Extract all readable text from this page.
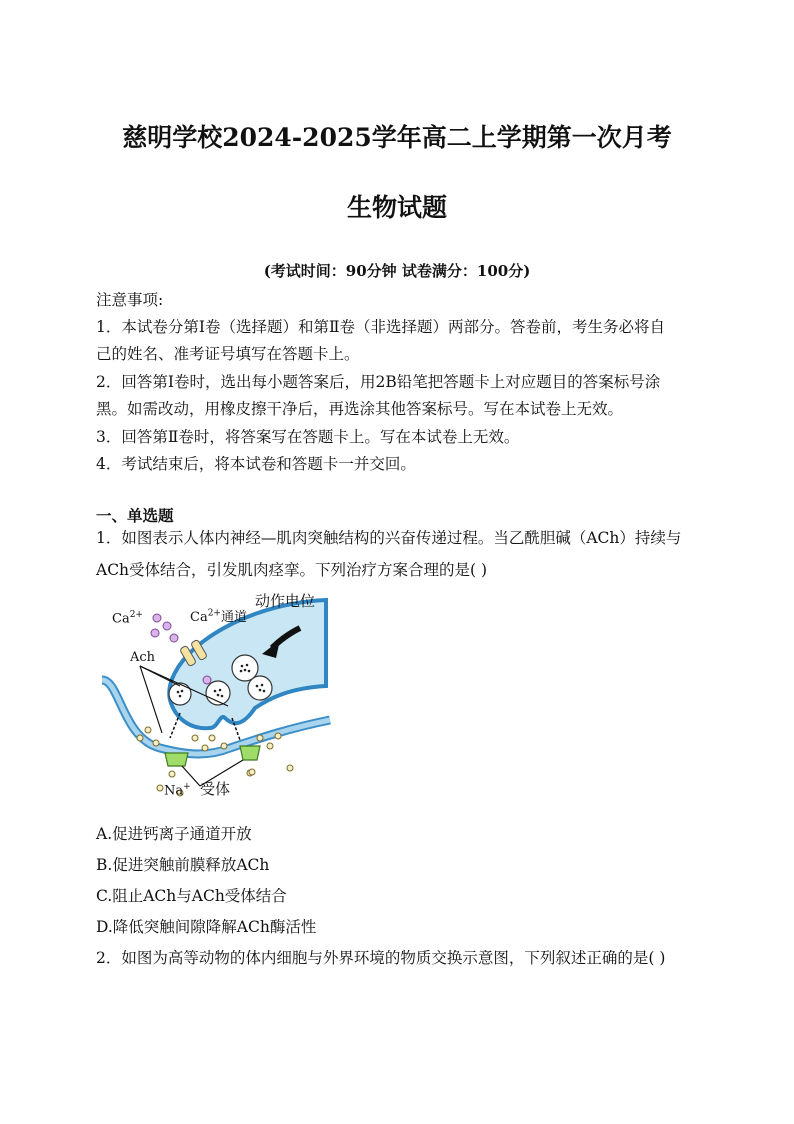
慈明学校2024-2025学年高二上学期第一次月考
生物试题
(考试时间：90分钟 试卷满分：100分)
注意事项:
1．本试卷分第Ⅰ卷（选择题）和第Ⅱ卷（非选择题）两部分。答卷前，考生务必将自
己的姓名、准考证号填写在答题卡上。
2．回答第Ⅰ卷时，选出每小题答案后，用2B铅笔把答题卡上对应题目的答案标号涂
黑。如需改动，用橡皮擦干净后，再选涂其他答案标号。写在本试卷上无效。
3．回答第Ⅱ卷时，将答案写在答题卡上。写在本试卷上无效。
4．考试结束后，将本试卷和答题卡一并交回。
一、单选题
1．如图表示人体内神经—肌肉突触结构的兴奋传递过程。当乙酰胆碱（ACh）持续与
ACh受体结合，引发肌肉痉挛。下列治疗方案合理的是( )
动作电位
$Ca^{2+}$	$Ca^{2+}$通道
Ach
Na+ 受体
A.促进钙离子通道开放
B.促进突触前膜释放ACh
C.阻止ACh与ACh受体结合
D.降低突触间隙降解ACh酶活性
2．如图为高等动物的体内细胞与外界环境的物质交换示意图，下列叙述正确的是( )
